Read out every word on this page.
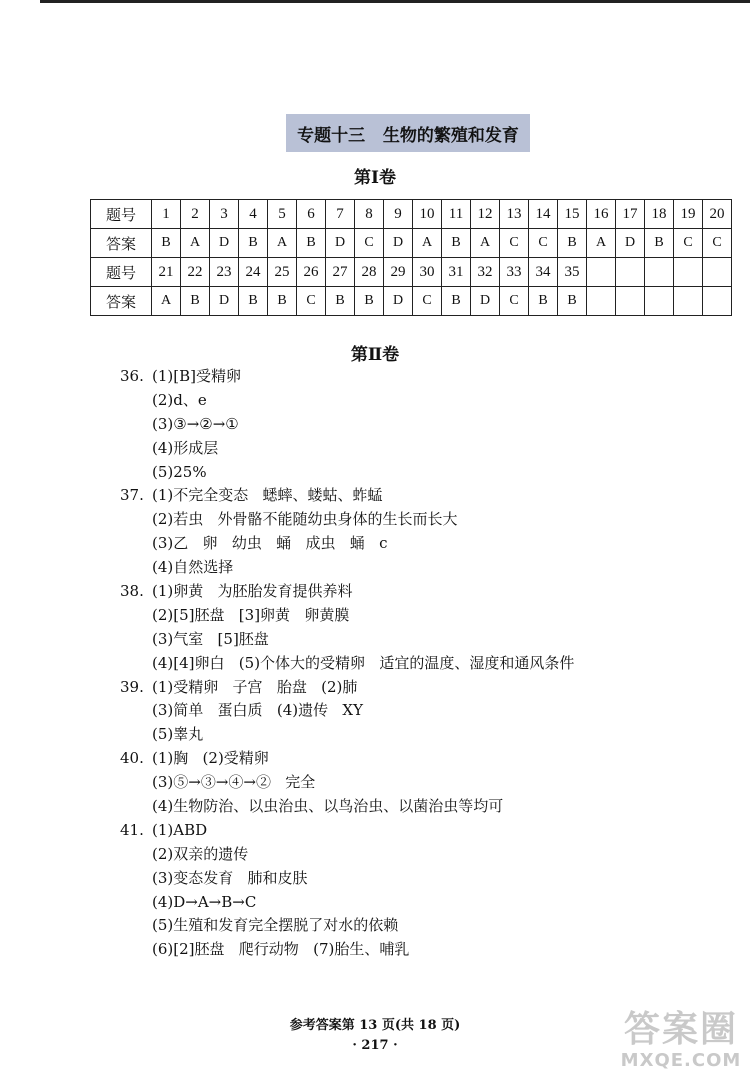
专题十三   生物的繁殖和发育
第Ⅰ卷
题号	1	2	3	4	5	6	7	8	9	10	11	12	13	14	15	16	17	18	19	20
答案	B	A	D	B	A	B	D	C	D	A	B	A	C	C	B	A	D	B	C	C
题号	21	22	23	24	25	26	27	28	29	30	31	32	33	34	35					
答案	A	B	D	B	B	C	B	B	D	C	B	D	C	B	B					
第Ⅱ卷
36. (1)[B]受精卵
(2)d、e
(3)③→②→①
(4)形成层
(5)25%
37. (1)不完全变态   蟋蟀、蝼蛄、蚱蜢
(2)若虫   外骨骼不能随幼虫身体的生长而长大
(3)乙   卵   幼虫   蛹   成虫   蛹   c
(4)自然选择
38. (1)卵黄   为胚胎发育提供养料
(2)[5]胚盘   [3]卵黄   卵黄膜
(3)气室   [5]胚盘
(4)[4]卵白   (5)个体大的受精卵   适宜的温度、湿度和通风条件
39. (1)受精卵   子宫   胎盘   (2)肺
(3)简单   蛋白质   (4)遗传   XY
(5)睾丸
40. (1)胸   (2)受精卵
(3)⑤→③→④→②   完全
(4)生物防治、以虫治虫、以鸟治虫、以菌治虫等均可
41. (1)ABD
(2)双亲的遗传
(3)变态发育   肺和皮肤
(4)D→A→B→C
(5)生殖和发育完全摆脱了对水的依赖
(6)[2]胚盘   爬行动物   (7)胎生、哺乳
参考答案第 13 页(共 18 页)
· 217 ·	答案圈
MXQE.COM
